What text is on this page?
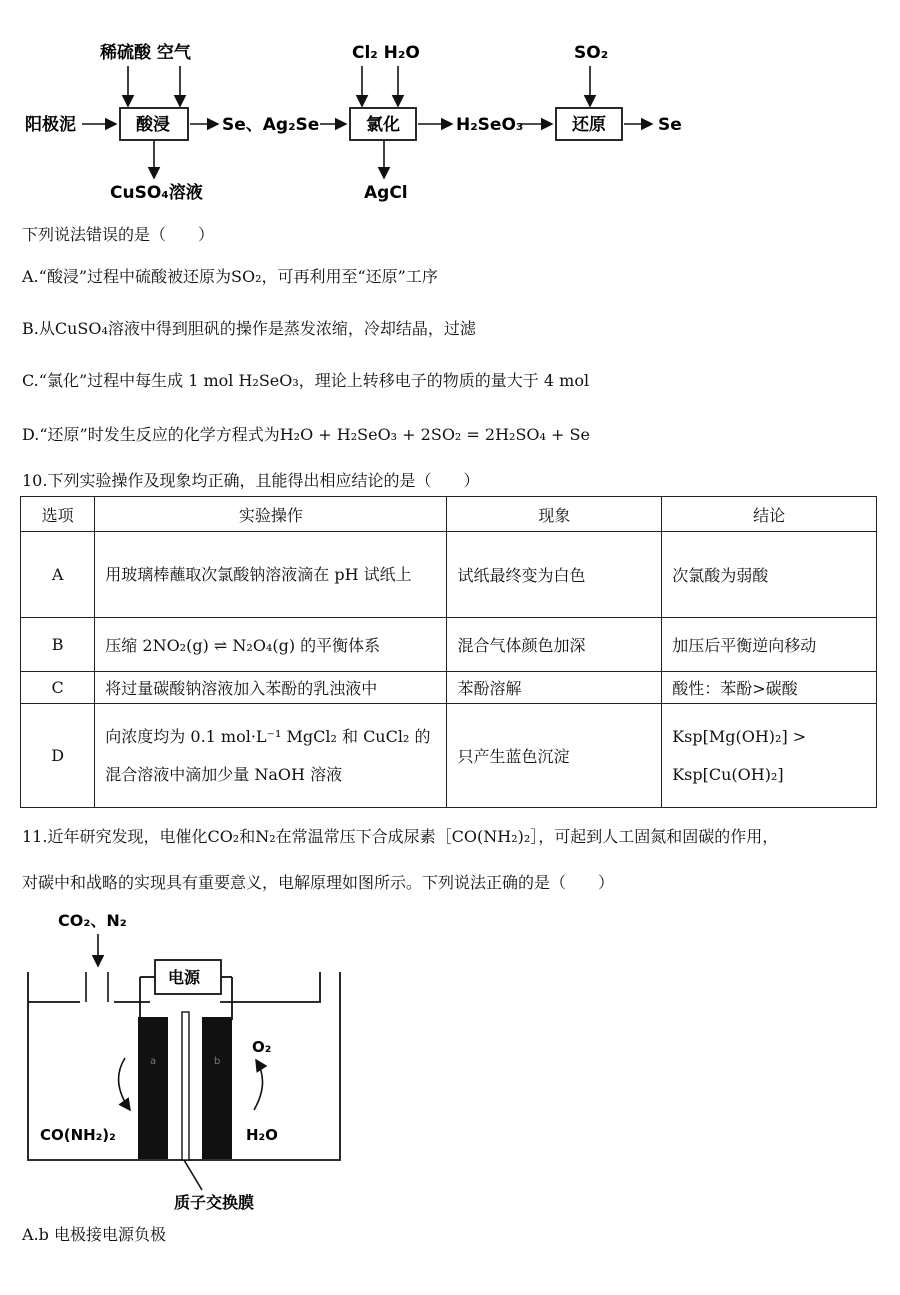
稀硫酸 空气
阳极泥	酸浸
CuSO₄溶液
Se、Ag₂Se
Cl₂ H₂O
氯化
AgCl
H₂SeO₃
SO₂
还原	Se
下列说法错误的是（　　）
A.“酸浸”过程中硫酸被还原为SO₂，可再利用至“还原”工序
B.从CuSO₄溶液中得到胆矾的操作是蒸发浓缩，冷却结晶，过滤
C.“氯化”过程中每生成 1 mol H₂SeO₃，理论上转移电子的物质的量大于 4 mol
D.“还原”时发生反应的化学方程式为H₂O + H₂SeO₃ + 2SO₂ = 2H₂SO₄ + Se
10.下列实验操作及现象均正确，且能得出相应结论的是（　　）
选项	实验操作	现象	结论
A	用玻璃棒蘸取次氯酸钠溶液滴在 pH 试纸上	试纸最终变为白色	次氯酸为弱酸
B	压缩 2NO₂(g) ⇌ N₂O₄(g) 的平衡体系	混合气体颜色加深	加压后平衡逆向移动
C	将过量碳酸钠溶液加入苯酚的乳浊液中	苯酚溶解	酸性：苯酚>碳酸
D	向浓度均为 0.1 mol·L⁻¹ MgCl₂ 和 CuCl₂ 的混合溶液中滴加少量 NaOH 溶液	只产生蓝色沉淀	Ksp[Mg(OH)₂] > Ksp[Cu(OH)₂]
11.近年研究发现，电催化CO₂和N₂在常温常压下合成尿素［CO(NH₂)₂］，可起到人工固氮和固碳的作用，
对碳中和战略的实现具有重要意义，电解原理如图所示。下列说法正确的是（　　）
CO₂、N₂
电源
a	b
O₂
CO(NH₂)₂	H₂O
质子交换膜
A.b 电极接电源负极
